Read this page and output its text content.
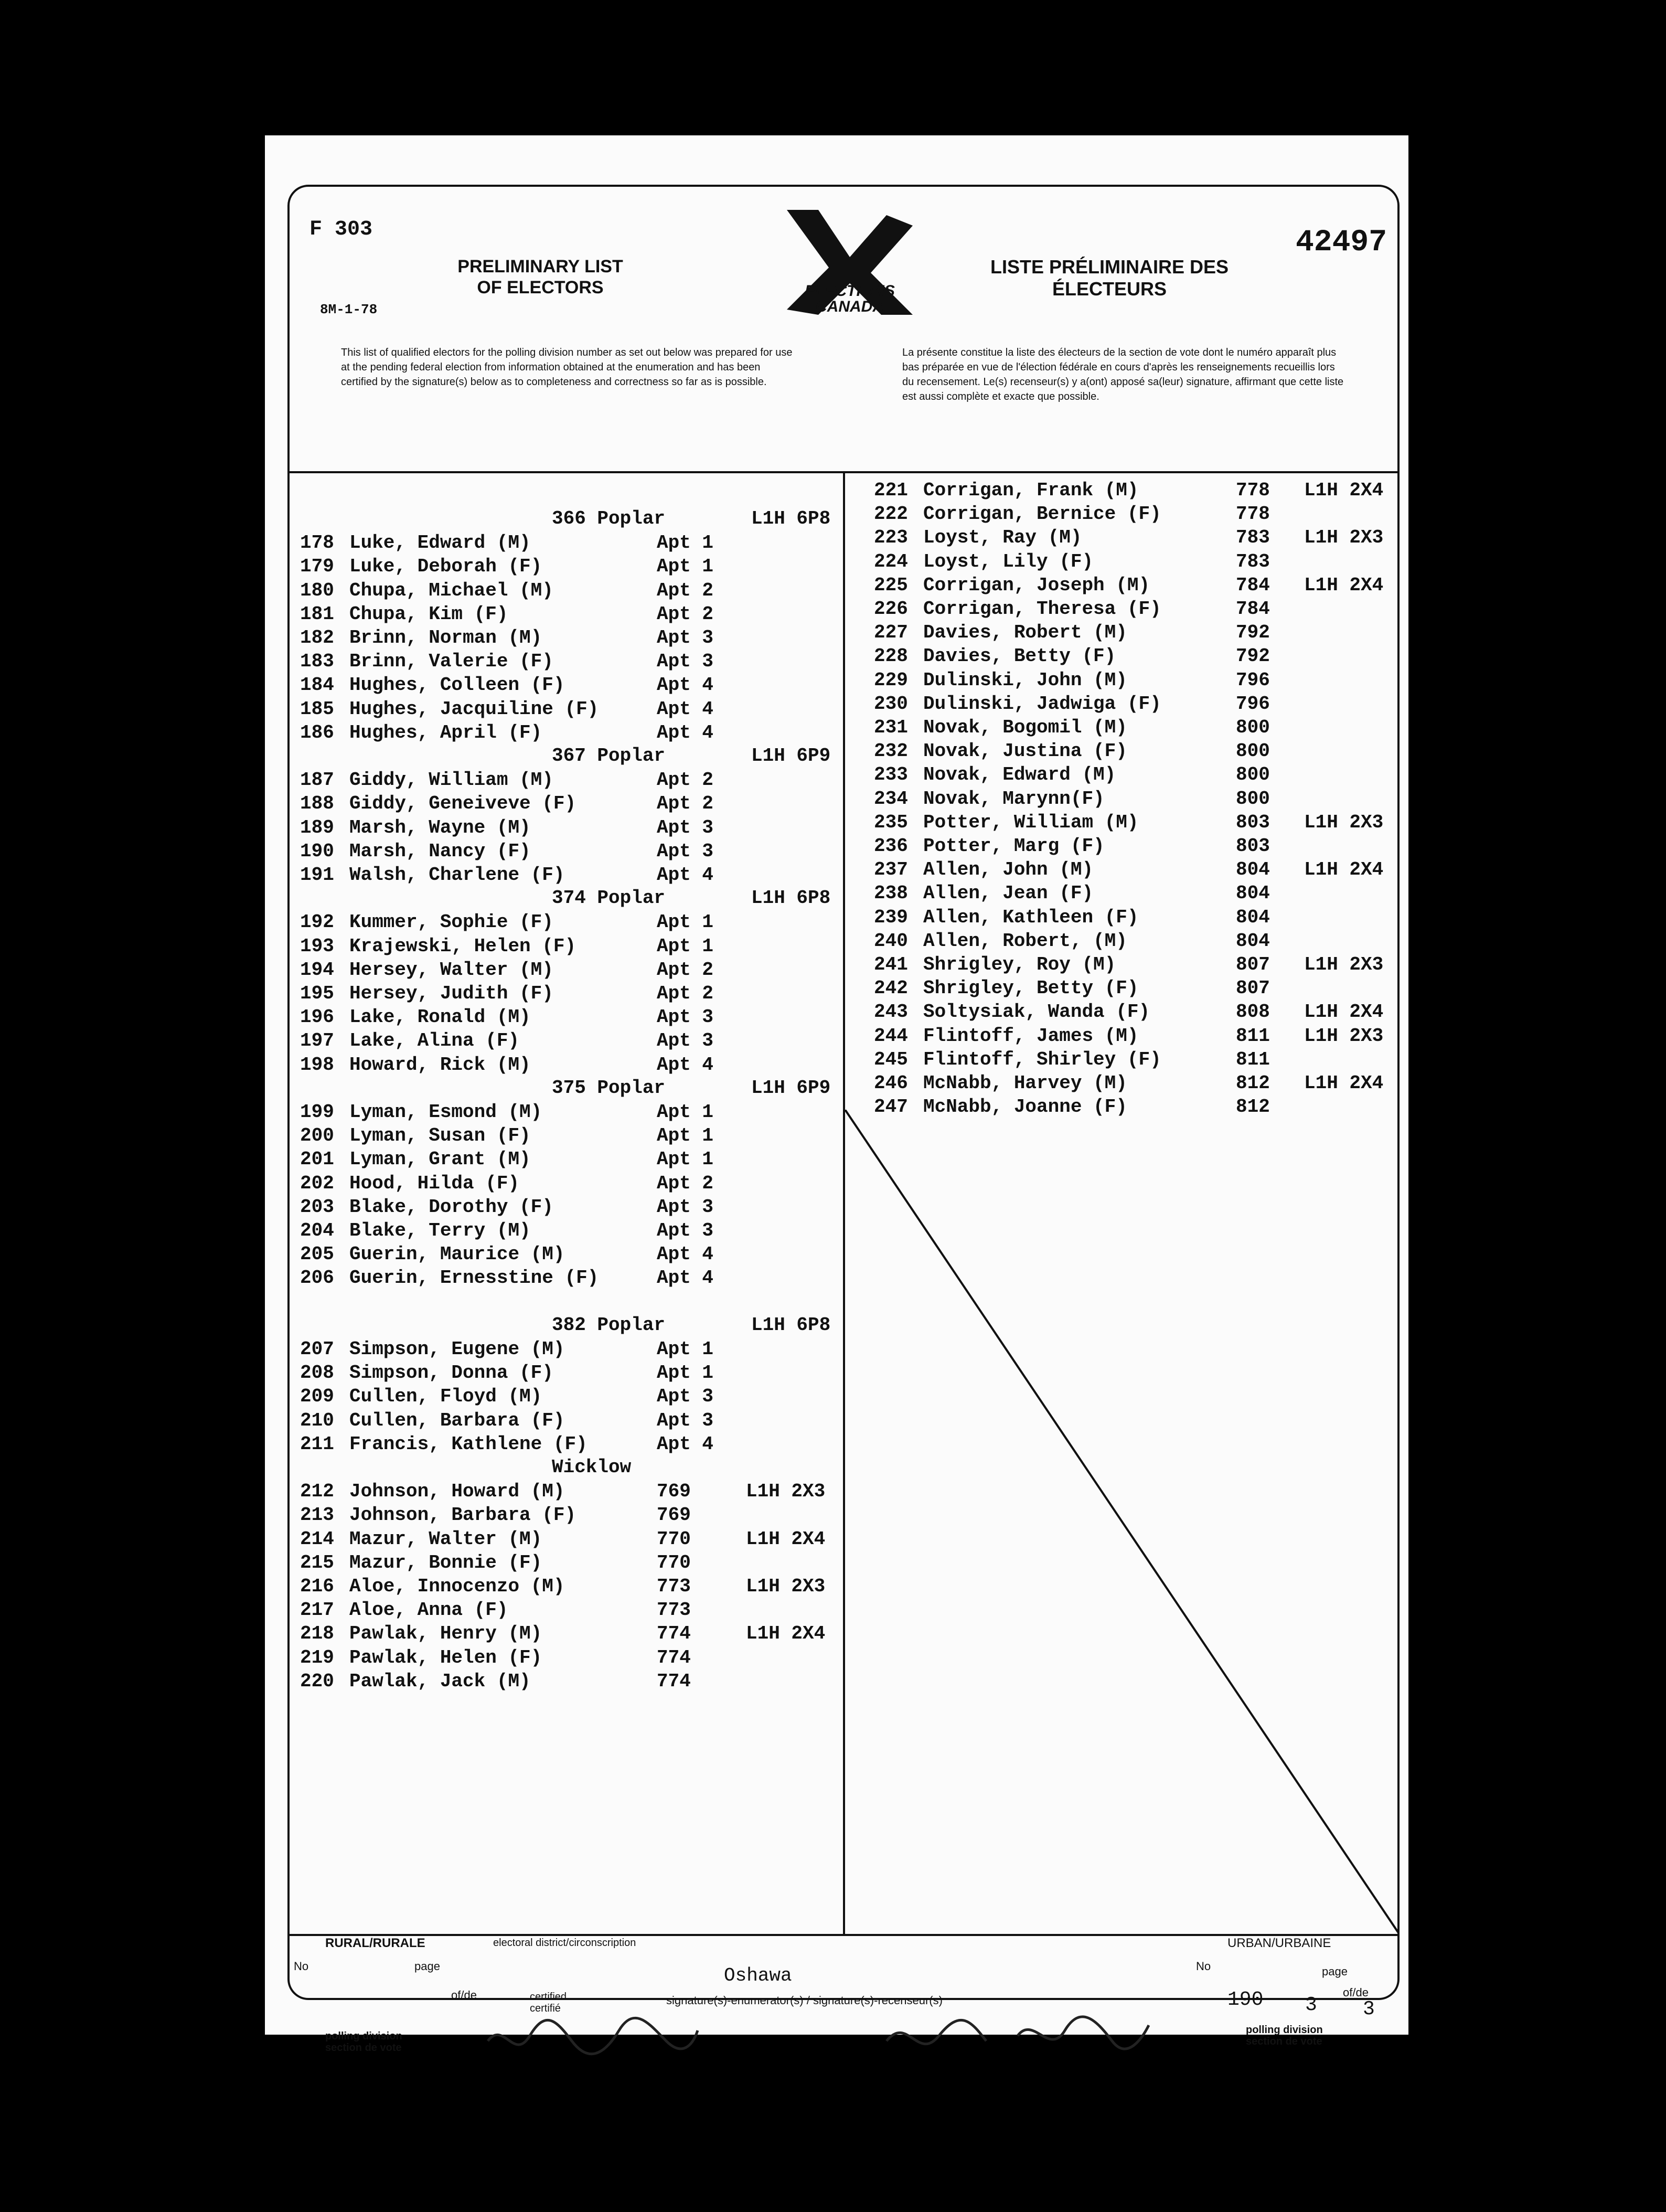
F 303
8M-1-78
PRELIMINARY LIST OF ELECTORS
LISTE PRÉLIMINAIRE DES ÉLECTEURS
42497
ELECTIONS CANADA
This list of qualified electors for the polling division number as set out below was prepared for use at the pending federal election from information obtained at the enumeration and has been certified by the signature(s) below as to completeness and correctness so far as is possible.
La présente constitue la liste des électeurs de la section de vote dont le numéro apparaît plus bas préparée en vue de l'élection fédérale en cours d'après les renseignements recueillis lors du recensement. Le(s) recenseur(s) y a(ont) apposé sa(leur) signature, affirmant que cette liste est aussi complète et exacte que possible.
366 Poplar	L1H 6P8
178 Luke, Edward (M)	Apt 1
179 Luke, Deborah (F)	Apt 1
180 Chupa, Michael (M)	Apt 2
181 Chupa, Kim (F)	Apt 2
182 Brinn, Norman (M)	Apt 3
183 Brinn, Valerie (F)	Apt 3
184 Hughes, Colleen (F)	Apt 4
185 Hughes, Jacquiline (F)	Apt 4
186 Hughes, April (F)	Apt 4
367 Poplar	L1H 6P9
187 Giddy, William (M)	Apt 2
188 Giddy, Geneiveve (F)	Apt 2
189 Marsh, Wayne (M)	Apt 3
190 Marsh, Nancy (F)	Apt 3
191 Walsh, Charlene (F)	Apt 4
374 Poplar	L1H 6P8
192 Kummer, Sophie (F)	Apt 1
193 Krajewski, Helen (F)	Apt 1
194 Hersey, Walter (M)	Apt 2
195 Hersey, Judith (F)	Apt 2
196 Lake, Ronald (M)	Apt 3
197 Lake, Alina (F)	Apt 3
198 Howard, Rick (M)	Apt 4
375 Poplar	L1H 6P9
199 Lyman, Esmond (M)	Apt 1
200 Lyman, Susan (F)	Apt 1
201 Lyman, Grant (M)	Apt 1
202 Hood, Hilda (F)	Apt 2
203 Blake, Dorothy (F)	Apt 3
204 Blake, Terry (M)	Apt 3
205 Guerin, Maurice (M)	Apt 4
206 Guerin, Ernesstine (F)	Apt 4
382 Poplar	L1H 6P8
207 Simpson, Eugene (M)	Apt 1
208 Simpson, Donna (F)	Apt 1
209 Cullen, Floyd (M)	Apt 3
210 Cullen, Barbara (F)	Apt 3
211 Francis, Kathlene (F)	Apt 4
Wicklow
212 Johnson, Howard (M)	769	L1H 2X3
213 Johnson, Barbara (F)	769
214 Mazur, Walter (M)	770	L1H 2X4
215 Mazur, Bonnie (F)	770
216 Aloe, Innocenzo (M)	773	L1H 2X3
217 Aloe, Anna (F)	773
218 Pawlak, Henry (M)	774	L1H 2X4
219 Pawlak, Helen (F)	774
220 Pawlak, Jack (M)	774
221 Corrigan, Frank (M)	778 L1H 2X4
222 Corrigan, Bernice (F)	778
223 Loyst, Ray (M)	783 L1H 2X3
224 Loyst, Lily (F)	783
225 Corrigan, Joseph (M)	784 L1H 2X4
226 Corrigan, Theresa (F)	784
227 Davies, Robert (M)	792
228 Davies, Betty (F)	792
229 Dulinski, John (M)	796
230 Dulinski, Jadwiga (F)	796
231 Novak, Bogomil (M)	800
232 Novak, Justina (F)	800
233 Novak, Edward (M)	800
234 Novak, Marynn(F)	800
235 Potter, William (M)	803 L1H 2X3
236 Potter, Marg (F)	803
237 Allen, John (M)	804 L1H 2X4
238 Allen, Jean (F)	804
239 Allen, Kathleen (F)	804
240 Allen, Robert, (M)	804
241 Shrigley, Roy (M)	807 L1H 2X3
242 Shrigley, Betty (F)	807
243 Soltysiak, Wanda (F)	808 L1H 2X4
244 Flintoff, James (M)	811 L1H 2X3
245 Flintoff, Shirley (F)	811
246 McNabb, Harvey (M)	812 L1H 2X4
247 McNabb, Joanne (F)	812
RURAL/RURALE	electoral district/circonscription	URBAN/URBAINE
No	page
of/de	certified certifié
Oshawa
signature(s)-enumerator(s) / signature(s)-recenseur(s)
polling division section de vote
No	page
of/de
190 3 3
polling division section de vote
